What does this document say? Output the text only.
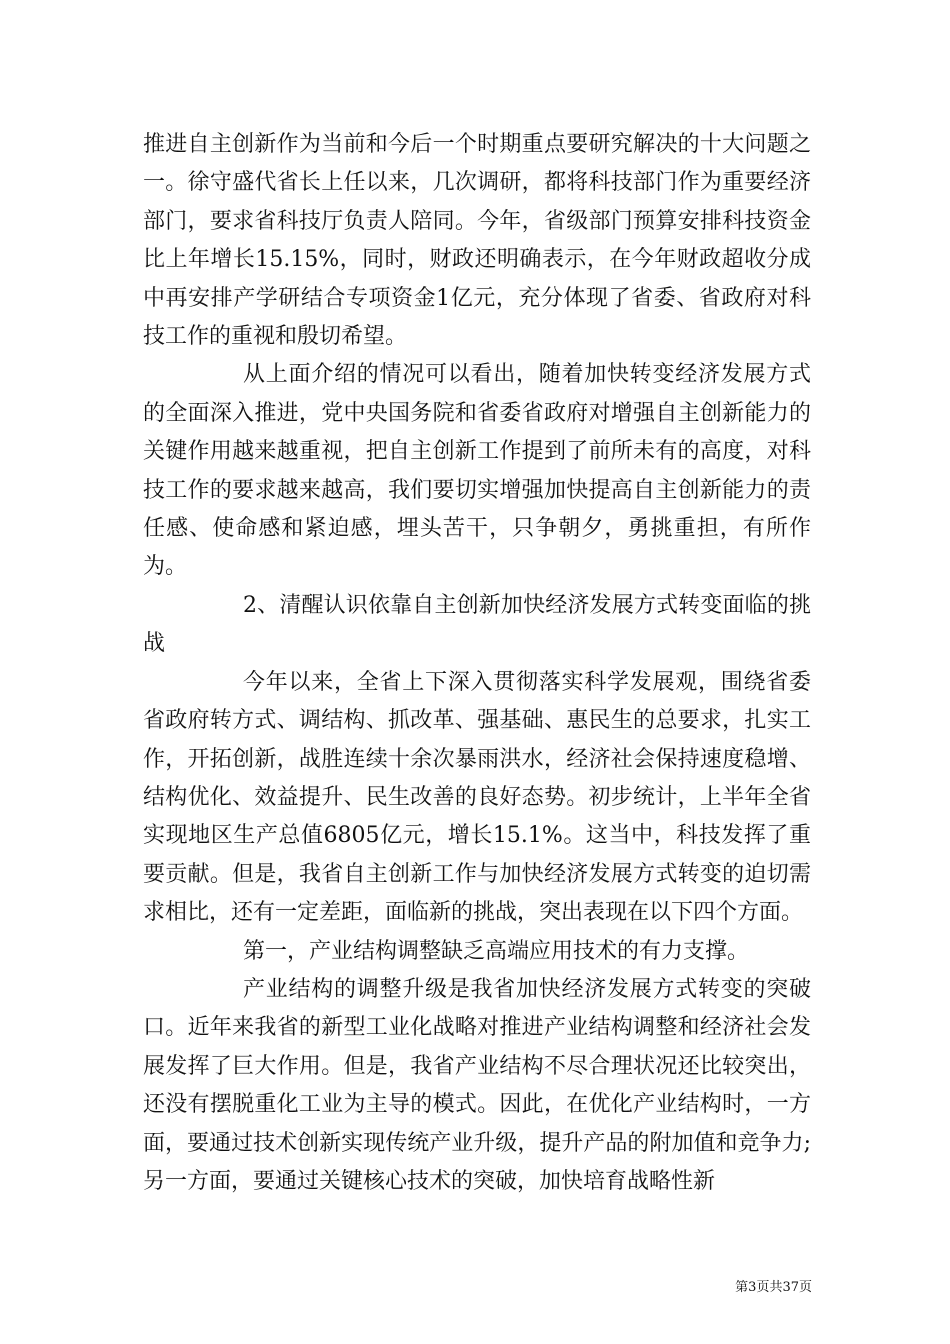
推进自主创新作为当前和今后一个时期重点要研究解决的十大问题之一。徐守盛代省长上任以来，几次调研，都将科技部门作为重要经济部门，要求省科技厅负责人陪同。今年，省级部门预算安排科技资金比上年增长15.15%，同时，财政还明确表示，在今年财政超收分成中再安排产学研结合专项资金1亿元，充分体现了省委、省政府对科技工作的重视和殷切希望。

从上面介绍的情况可以看出，随着加快转变经济发展方式的全面深入推进，党中央国务院和省委省政府对增强自主创新能力的关键作用越来越重视，把自主创新工作提到了前所未有的高度，对科技工作的要求越来越高，我们要切实增强加快提高自主创新能力的责任感、使命感和紧迫感，埋头苦干，只争朝夕，勇挑重担，有所作为。

2、清醒认识依靠自主创新加快经济发展方式转变面临的挑战

今年以来，全省上下深入贯彻落实科学发展观，围绕省委省政府转方式、调结构、抓改革、强基础、惠民生的总要求，扎实工作，开拓创新，战胜连续十余次暴雨洪水，经济社会保持速度稳增、结构优化、效益提升、民生改善的良好态势。初步统计，上半年全省实现地区生产总值6805亿元，增长15.1%。这当中，科技发挥了重要贡献。但是，我省自主创新工作与加快经济发展方式转变的迫切需求相比，还有一定差距，面临新的挑战，突出表现在以下四个方面。

第一，产业结构调整缺乏高端应用技术的有力支撑。

产业结构的调整升级是我省加快经济发展方式转变的突破口。近年来我省的新型工业化战略对推进产业结构调整和经济社会发展发挥了巨大作用。但是，我省产业结构不尽合理状况还比较突出，还没有摆脱重化工业为主导的模式。因此，在优化产业结构时，一方面，要通过技术创新实现传统产业升级，提升产品的附加值和竞争力;另一方面，要通过关键核心技术的突破，加快培育战略性新

第3页共37页
